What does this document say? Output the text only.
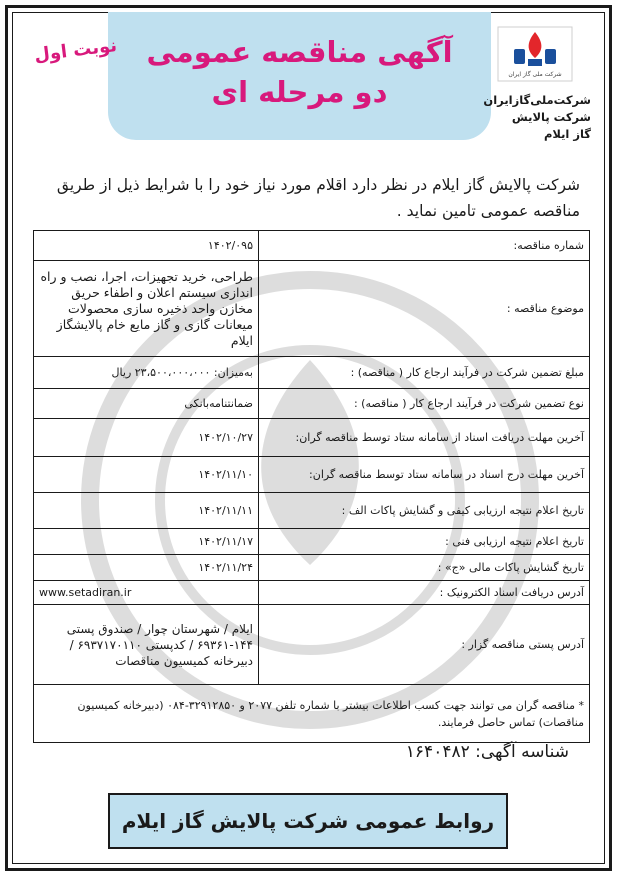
آگهی مناقصه عمومی
دو مرحله ای
نوبت اول
شرکت ملی گاز ایران
شرکت‌ملی‌گازایران
شرکت پالایش
گاز ایلام
شرکت پالایش گاز ایلام در نظر دارد اقلام مورد نیاز خود را با شرایط ذیل از طریق مناقصه عمومی تامین نماید .
شماره مناقصه:	۱۴۰۲/۰۹۵
موضوع مناقصه :	طراحی، خرید تجهیزات، اجرا، نصب و راه اندازی سیستم اعلان و اطفاء حریق مخازن واحد ذخیره سازی محصولات میعانات گازی و گاز مایع خام پالایشگاز ایلام
مبلغ تضمین شرکت در فرآیند ارجاع کار ( مناقصه) :	به‌میزان: ۲۳،۵۰۰،۰۰۰،۰۰۰ ریال
نوع تضمین شرکت در فرآیند ارجاع کار ( مناقصه) :	ضمانتنامه‌بانکی
آخرین مهلت دریافت اسناد از سامانه ستاد توسط مناقصه گران:	۱۴۰۲/۱۰/۲۷
آخرین مهلت درج اسناد در سامانه ستاد توسط مناقصه گران:	۱۴۰۲/۱۱/۱۰
تاریخ اعلام نتیجه ارزیابی کیفی و گشایش پاکات الف :	۱۴۰۲/۱۱/۱۱
تاریخ اعلام نتیجه ارزیابی فنی :	۱۴۰۲/۱۱/۱۷
تاریخ گشایش پاکات مالی «ج» :	۱۴۰۲/۱۱/۲۴
آدرس دریافت اسناد الکترونیک :	www.setadiran.ir
آدرس پستی مناقصه گزار :	ایلام / شهرستان چوار / صندوق پستی ۱۴۴-۶۹۳۶۱ / کدپستی ۶۹۳۷۱۷۰۱۱۰ /دبیرخانه کمیسیون مناقصات
* مناقصه گران می توانند جهت کسب اطلاعات بیشتر با شماره تلفن ۲۰۷۷ و ۳۲۹۱۲۸۵۰-۰۸۴ (دبیرخانه کمیسیون مناقصات) تماس حاصل فرمایند.	
شناسه آگهی: ۱۶۴۰۴۸۲
روابط عمومی شرکت پالایش گاز ایلام
